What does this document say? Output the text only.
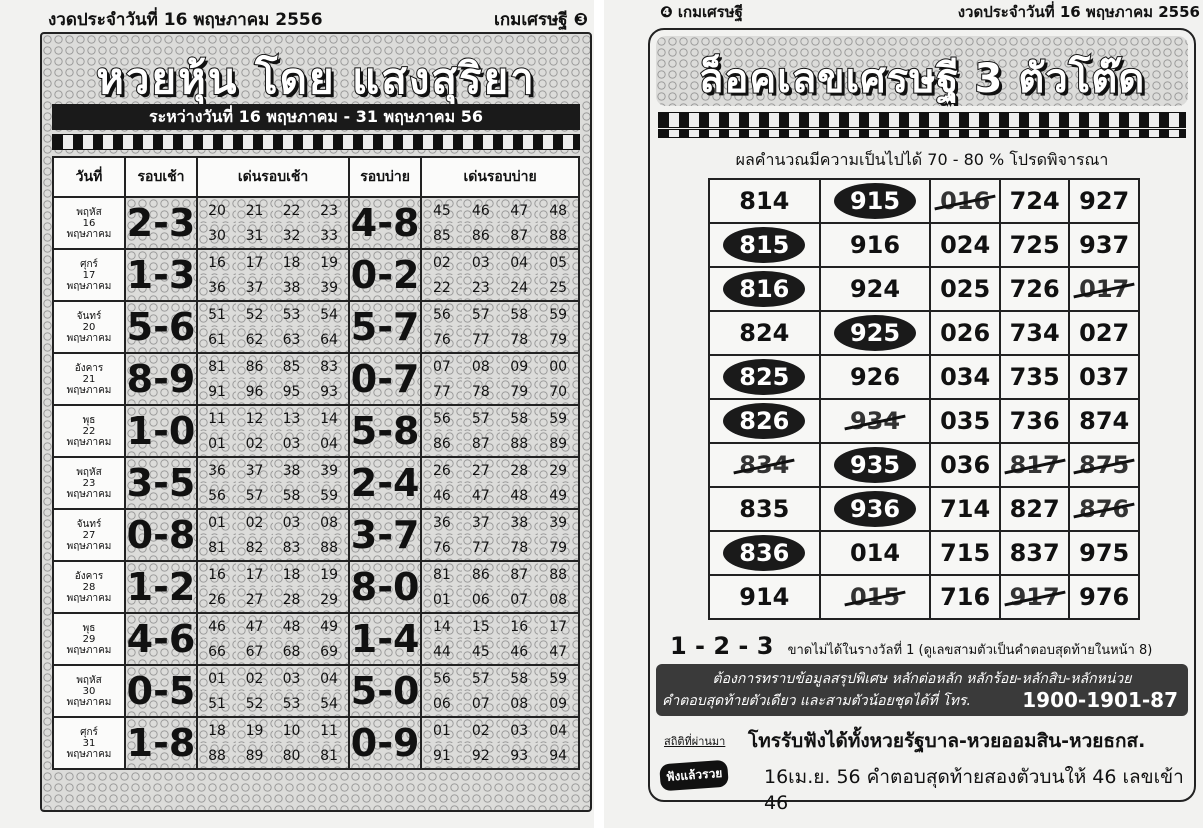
งวดประจำวันที่ 16 พฤษภาคม 2556	เกมเศรษฐี ❸
หวยหุ้น โดย แสงสุริยา
ระหว่างวันที่ 16 พฤษภาคม - 31 พฤษภาคม 56
วันที่	รอบเช้า	เด่นรอบเช้า				รอบบ่าย	เด่นรอบบ่าย			

พฤหัส
16
พฤษภาคม	2-3	20	21	22	23	4-8	45	46	47	48
		30	31	32	33		85	86	87	88

ศุกร์
17
พฤษภาคม	1-3	16	17	18	19	0-2	02	03	04	05
		36	37	38	39		22	23	24	25

จันทร์
20
พฤษภาคม	5-6	51	52	53	54	5-7	56	57	58	59
		61	62	63	64		76	77	78	79

อังคาร
21
พฤษภาคม	8-9	81	86	85	83	0-7	07	08	09	00
		91	96	95	93		77	78	79	70

พุธ
22
พฤษภาคม	1-0	11	12	13	14	5-8	56	57	58	59
		01	02	03	04		86	87	88	89

พฤหัส
23
พฤษภาคม	3-5	36	37	38	39	2-4	26	27	28	29
		56	57	58	59		46	47	48	49

จันทร์
27
พฤษภาคม	0-8	01	02	03	08	3-7	36	37	38	39
		81	82	83	88		76	77	78	79

อังคาร
28
พฤษภาคม	1-2	16	17	18	19	8-0	81	86	87	88
		26	27	28	29		01	06	07	08

พุธ
29
พฤษภาคม	4-6	46	47	48	49	1-4	14	15	16	17
		66	67	68	69		44	45	46	47

พฤหัส
30
พฤษภาคม	0-5	01	02	03	04	5-0	56	57	58	59
		51	52	53	54		06	07	08	09

ศุกร์
31
พฤษภาคม	1-8	18	19	10	11	0-9	01	02	03	04
		88	89	80	81		91	92	93	94
❹ เกมเศรษฐี	งวดประจำวันที่ 16 พฤษภาคม 2556
ล็อคเลขเศรษฐี 3 ตัวโต๊ด
ผลคำนวณมีความเป็นไปได้ 70 - 80 % โปรดพิจารณา
814	915	016	724	927
815	916	024	725	937
816	924	025	726	017
824	925	026	734	027
825	926	034	735	037
826	934	035	736	874
834	935	036	817	875
835	936	714	827	876
836	014	715	837	975
914	015	716	917	976
1 - 2 - 3 ขาดไม่ได้ในรางวัลที่ 1 (ดูเลขสามตัวเป็นคำตอบสุดท้ายในหน้า 8)
ต้องการทราบข้อมูลสรุปพิเศษ หลักต่อหลัก หลักร้อย-หลักสิบ-หลักหน่วย
คำตอบสุดท้ายตัวเดียว และสามตัวน้อยชุดได้ที่ โทร.	1900-1901-87
สถิติที่ผ่านมา โทรรับฟังได้ทั้งหวยรัฐบาล-หวยออมสิน-หวยธกส.
ฟังแล้วรวย	16เม.ย. 56 คำตอบสุดท้ายสองตัวบนให้ 46 เลขเข้า 46
